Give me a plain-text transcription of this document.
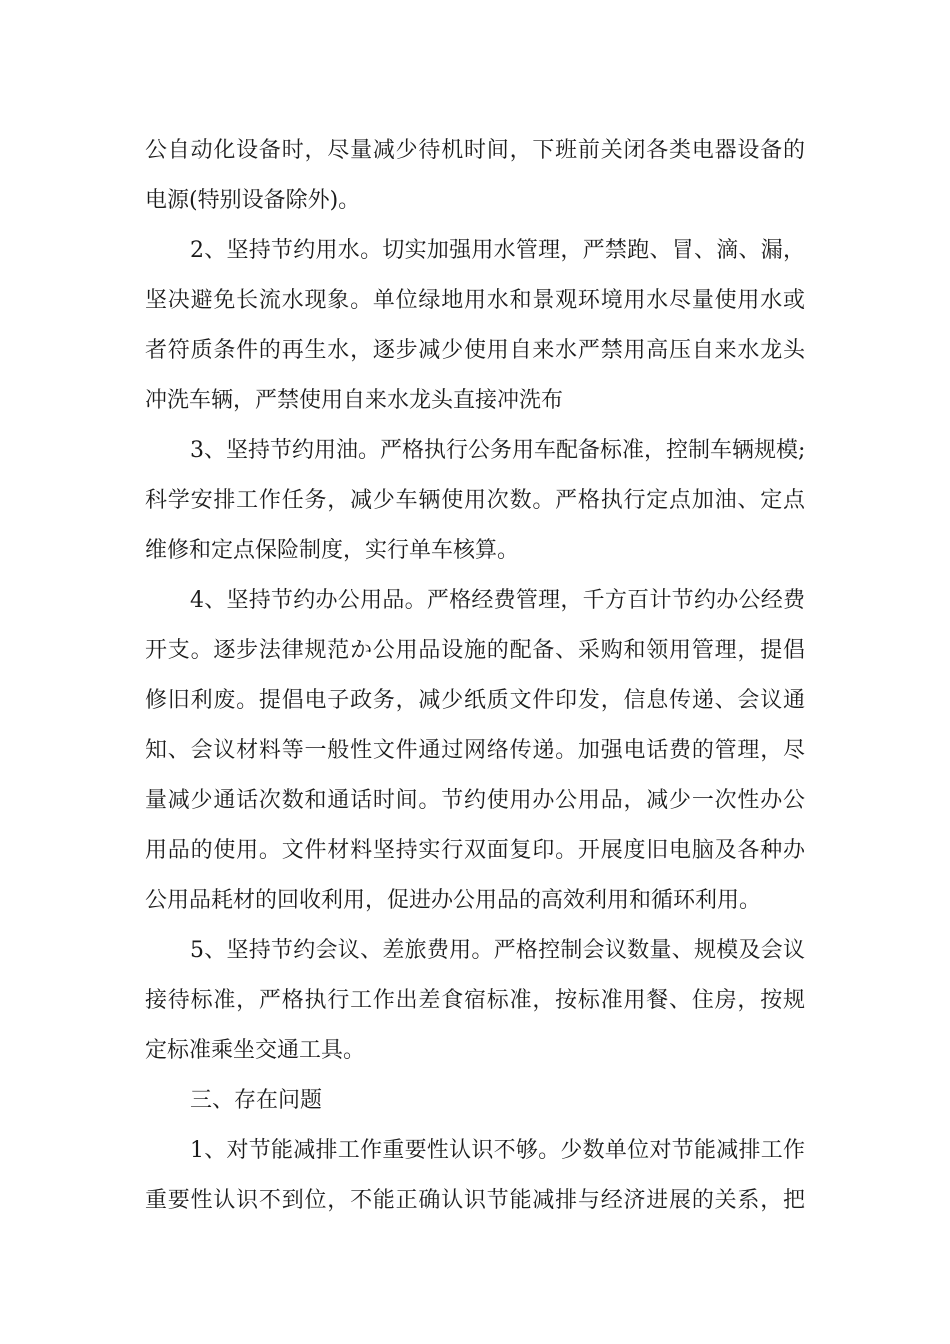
公自动化设备时，尽量减少待机时间，下班前关闭各类电器设备的
电源(特别设备除外)。
2、坚持节约用水。切实加强用水管理，严禁跑、冒、滴、漏，
坚决避免长流水现象。单位绿地用水和景观环境用水尽量使用水或
者符质条件的再生水，逐步减少使用自来水严禁用高压自来水龙头
冲洗车辆，严禁使用自来水龙头直接冲洗布
3、坚持节约用油。严格执行公务用车配备标准，控制车辆规模;
科学安排工作任务，减少车辆使用次数。严格执行定点加油、定点
维修和定点保险制度，实行单车核算。
4、坚持节约办公用品。严格经费管理，千方百计节约办公经费
开支。逐步法律规范か公用品设施的配备、采购和领用管理，提倡
修旧利废。提倡电子政务，减少纸质文件印发，信息传递、会议通
知、会议材料等一般性文件通过网络传递。加强电话费的管理，尽
量减少通话次数和通话时间。节约使用办公用品，减少一次性办公
用品的使用。文件材料坚持实行双面复印。开展度旧电脑及各种办
公用品耗材的回收利用，促进办公用品的高效利用和循环利用。
5、坚持节约会议、差旅费用。严格控制会议数量、规模及会议
接待标准，严格执行工作出差食宿标准，按标准用餐、住房，按规
定标准乘坐交通工具。
三、存在问题
1、对节能减排工作重要性认识不够。少数单位对节能减排工作
重要性认识不到位，不能正确认识节能减排与经济进展的关系，把
